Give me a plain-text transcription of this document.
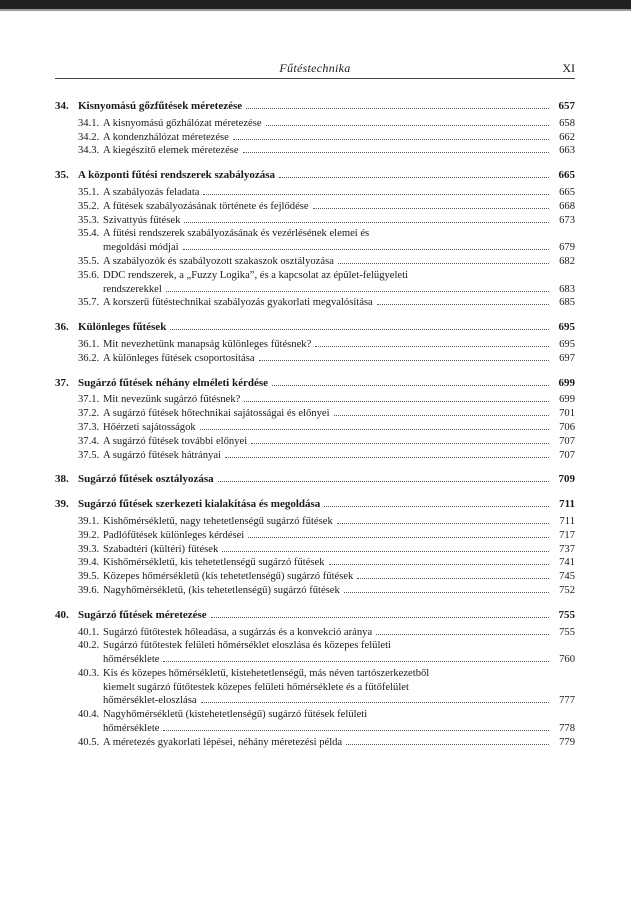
Fűtéstechnika	XI
34. Kisnyomású gőzfűtések méretezése	657
34.1. A kisnyomású gőzhálózat méretezése	658
34.2. A kondenzhálózat méretezése	662
34.3. A kiegészítő elemek méretezése	663
35. A központi fűtési rendszerek szabályozása	665
35.1. A szabályozás feladata	665
35.2. A fűtések szabályozásának története és fejlődése	668
35.3. Szivattyús fűtések	673
35.4. A fűtési rendszerek szabályozásának és vezérlésének elemei és
megoldási módjai	679
35.5. A szabályozók és szabályozott szakaszok osztályozása	682
35.6. DDC rendszerek, a „Fuzzy Logika”, és a kapcsolat az épület-felügyeleti
rendszerekkel	683
35.7. A korszerű fűtéstechnikai szabályozás gyakorlati megvalósítása	685
36. Különleges fűtések	695
36.1. Mit nevezhetünk manapság különleges fűtésnek?	695
36.2. A különleges fűtések csoportosítása	697
37. Sugárzó fűtések néhány elméleti kérdése	699
37.1. Mit nevezünk sugárzó fűtésnek?	699
37.2. A sugárzó fűtések hőtechnikai sajátosságai és előnyei	701
37.3. Hőérzeti sajátosságok	706
37.4. A sugárzó fűtések további előnyei	707
37.5. A sugárzó fűtések hátrányai	707
38. Sugárzó fűtések osztályozása	709
39. Sugárzó fűtések szerkezeti kialakítása és megoldása	711
39.1. Kishőmérsékletű, nagy tehetetlenségű sugárzó fűtések	711
39.2. Padlófűtések különleges kérdései	717
39.3. Szabadtéri (kültéri) fűtések	737
39.4. Kishőmérsékletű, kis tehetetlenségű sugárzó fűtések	741
39.5. Közepes hőmérsékletű (kis tehetetlenségű) sugárzó fűtések	745
39.6. Nagyhőmérsékletű, (kis tehetetlenségű) sugárzó fűtések	752
40. Sugárzó fűtések méretezése	755
40.1. Sugárzó fűtőtestek hőleadása, a sugárzás és a konvekció aránya	755
40.2. Sugárzó fűtőtestek felületi hőmérséklet eloszlása és közepes felületi
hőmérséklete	760
40.3. Kis és közepes hőmérsékletű, kistehetetlenségű, más néven tartószerkezetből
kiemelt sugárzó fűtőtestek közepes felületi hőmérséklete és a fűtőfelület
hőmérséklet-eloszlása	777
40.4. Nagyhőmérsékletű (kistehetetlenségű) sugárzó fűtések felületi
hőmérséklete	778
40.5. A méretezés gyakorlati lépései, néhány méretezési példa	779
